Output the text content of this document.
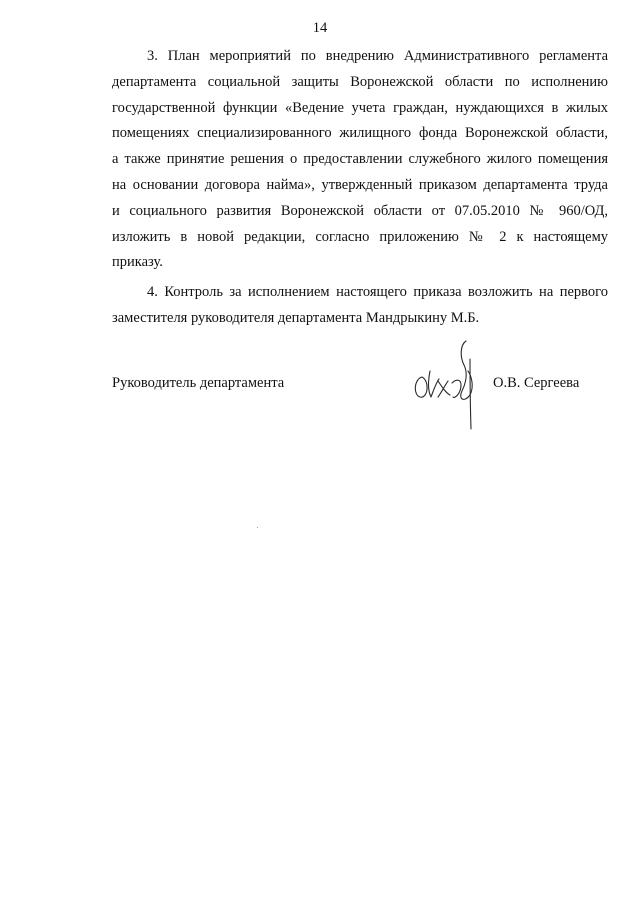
14
3. План мероприятий по внедрению Административного регламента
департамента социальной защиты Воронежской области по исполнению
государственной функции «Ведение учета граждан, нуждающихся в жилых
помещениях специализированного жилищного фонда Воронежской области,
а также принятие решения о предоставлении служебного жилого помещения
на основании договора найма», утвержденный приказом департамента труда
и социального развития Воронежской области от 07.05.2010 № 960/ОД,
изложить в новой редакции, согласно приложению № 2 к настоящему
приказу.
4. Контроль за исполнением настоящего приказа возложить на первого
заместителя руководителя департамента Мандрыкину М.Б.
Руководитель департамента	О.В. Сергеева
